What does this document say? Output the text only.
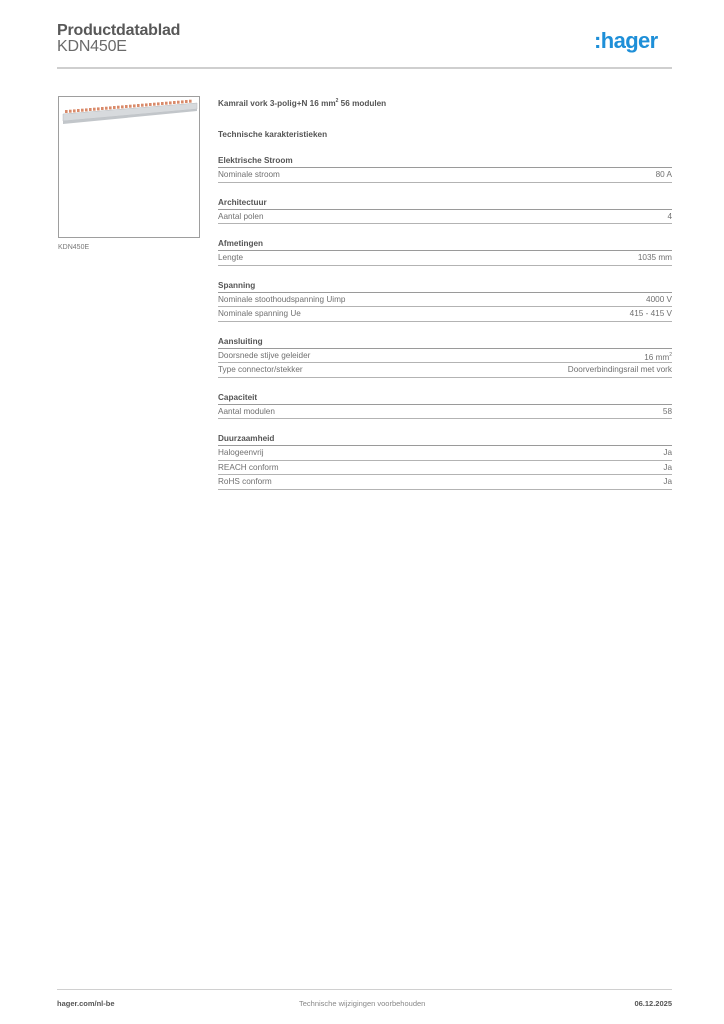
Productdatablad
KDN450E	:hager
KDN450E
Kamrail vork 3-polig+N 16 $mm^2$ 56 modulen
Technische karakteristieken
Elektrische Stroom
Nominale stroom	80 A
Architectuur
Aantal polen	4
Afmetingen
Lengte	1035 mm
Spanning
Nominale stoothoudspanning Uimp	4000 V
Nominale spanning Ue	415 - 415 V
Aansluiting
Doorsnede stijve geleider	16 $mm^2$
Type connector/stekker	Doorverbindingsrail met vork
Capaciteit
Aantal modulen	58
Duurzaamheid
Halogeenvrij	Ja
REACH conform	Ja
RoHS conform	Ja
hager.com/nl-be	Technische wijzigingen voorbehouden	06.12.2025
